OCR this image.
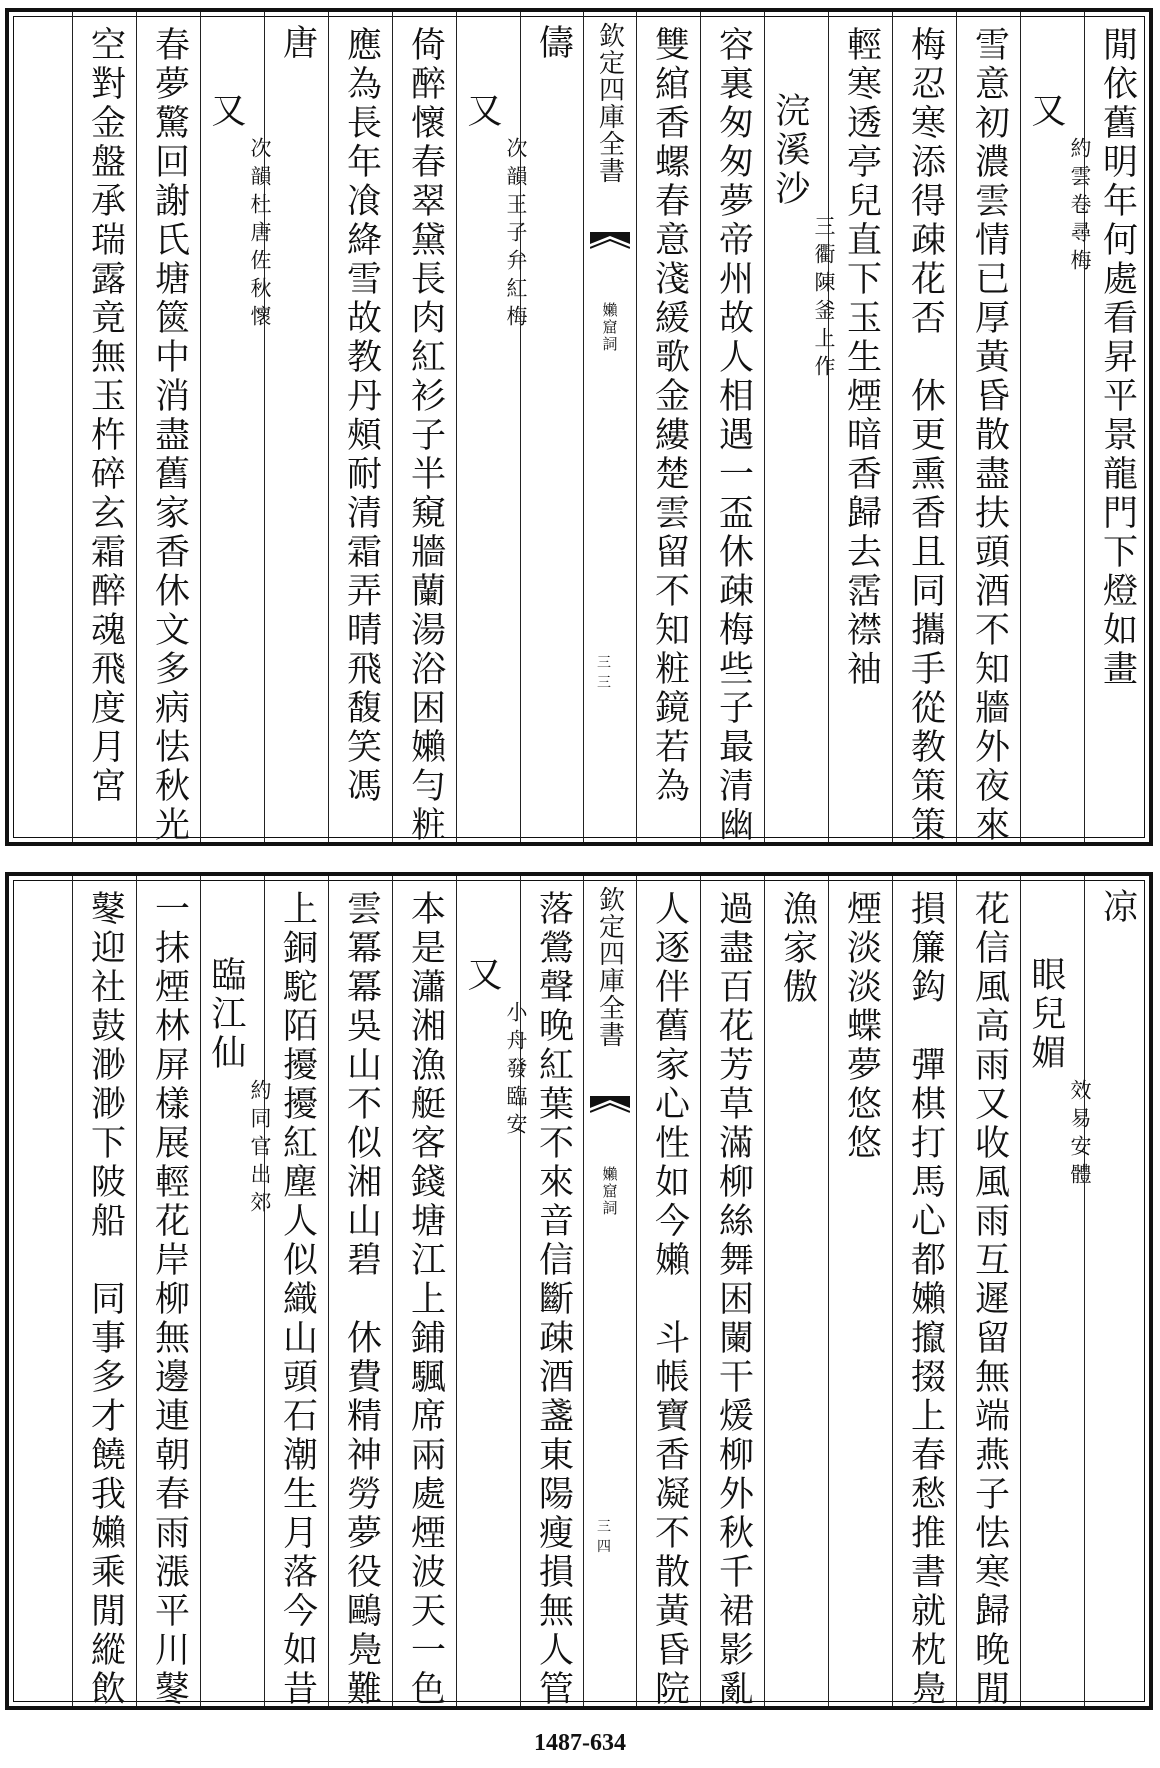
閒依舊明年何處看昇平景龍門下燈如畫
又
約雲卷尋梅
雪意初濃雲情已厚黃昏散盡扶頭酒不知牆外夜來
梅忍寒添得疎花否　休更熏香且同攜手從教策策
輕寒透亭兒直下玉生煙暗香歸去霑襟袖
浣溪沙
三衢陳釜上作
容裏匆匆夢帝州故人相遇一盃休疎梅些子最清幽
雙綰香螺春意淺緩歌金縷楚雲留不知粧鏡若為
欽定四庫全書
嬾窟詞
三三
儔
又
次韻王子弁紅梅
倚醉懷春翠黛長肉紅衫子半窺牆蘭湯浴困嬾勻粧
應為長年飡絳雪故教丹頰耐清霜弄晴飛馥笑馮
唐
又
次韻杜唐佐秋懷
春夢驚回謝氏塘篋中消盡舊家香休文多病怯秋光
空對金盤承瑞露竟無玉杵碎玄霜醉魂飛度月宮
凉
眼兒媚
效易安體
花信風高雨又收風雨互遲留無端燕子怯寒歸晚閒
損簾鈎　彈棋打馬心都嬾攛掇上春愁推書就枕鳧
煙淡淡蝶夢悠悠
漁家傲
過盡百花芳草滿柳絲舞困闌干煖柳外秋千裙影亂
人逐伴舊家心性如今嬾　斗帳寶香凝不散黃昏院
欽定四庫全書
嬾窟詞
三四
落鶯聲晚紅葉不來音信斷疎酒盞東陽瘦損無人管
又
小舟發臨安
本是瀟湘漁艇客錢塘江上鋪颿席兩處煙波天一色
雲冪冪吳山不似湘山碧　休費精神勞夢役鷗鳧難
上銅駝陌擾擾紅塵人似織山頭石潮生月落今如昔
臨江仙
約同官出郊
一抹煙林屏樣展輕花岸柳無邊連朝春雨漲平川鼕
鼕迎社鼓渺渺下陂船　同事多才饒我嬾乘閒縱飲
1487-634
